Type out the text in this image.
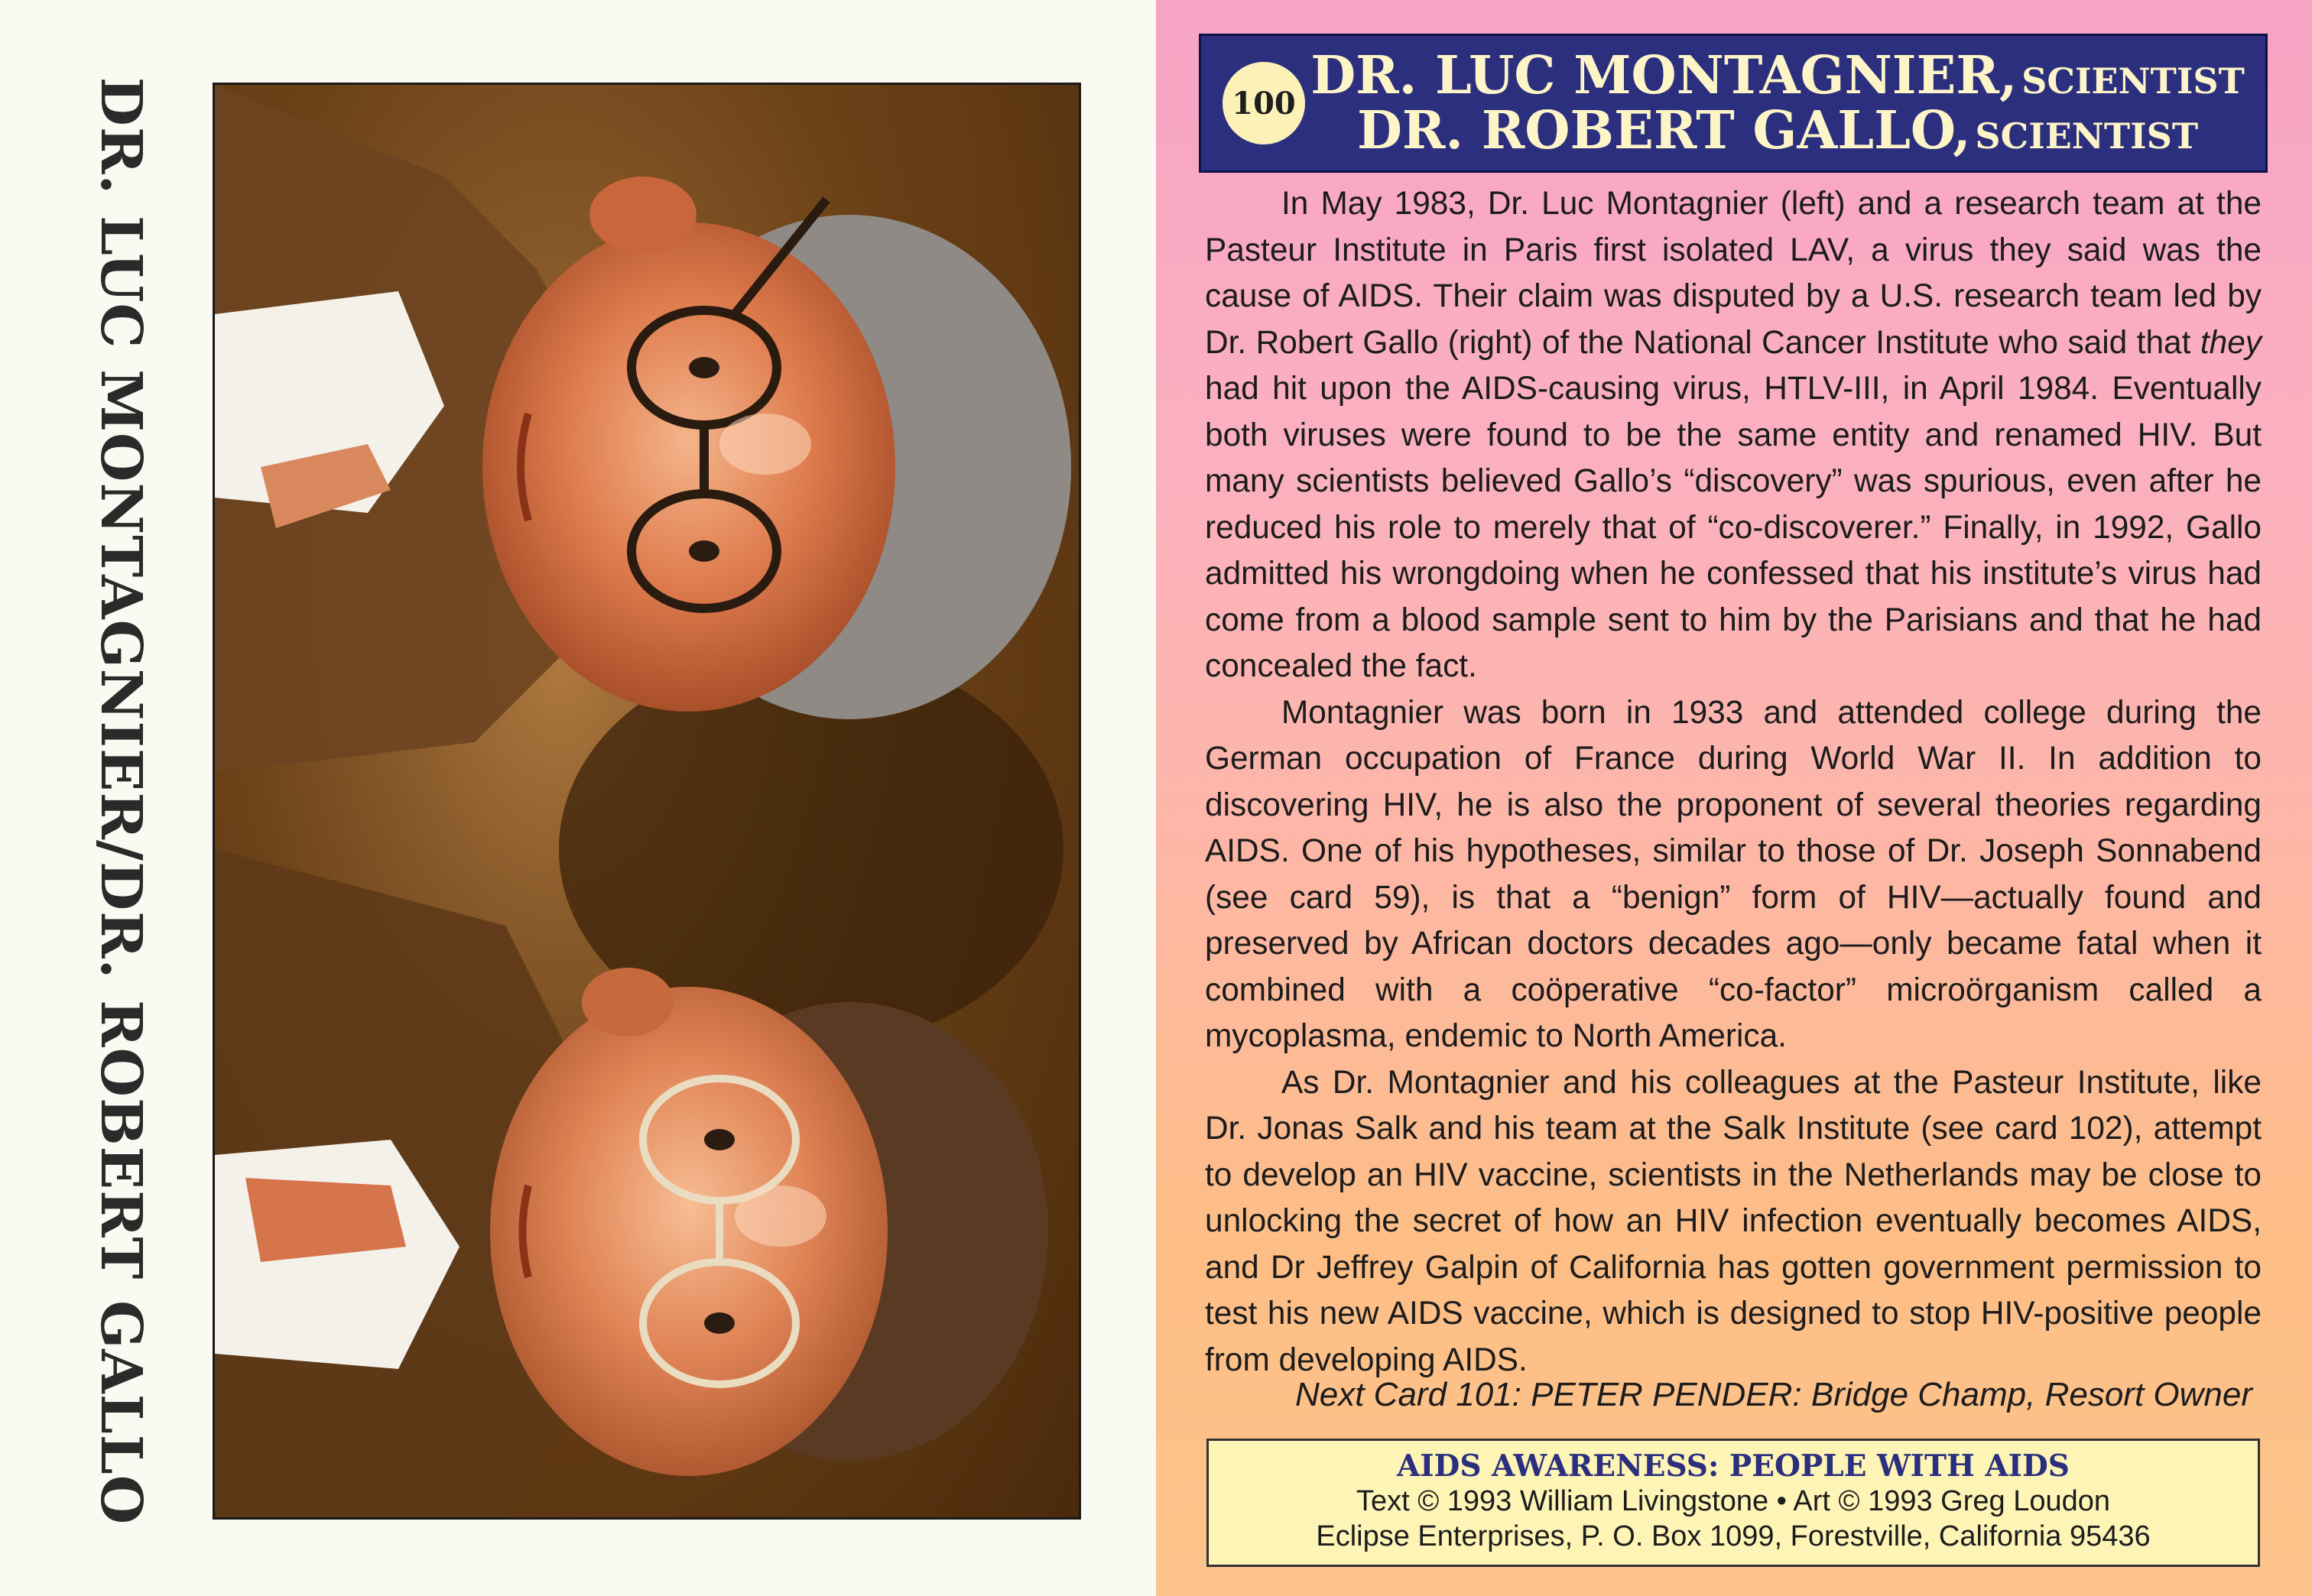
DR. LUC MONTAGNIER/DR. ROBERT GALLO	100 DR. LUC MONTAGNIER, SCIENTIST
DR. ROBERT GALLO, SCIENTIST

In May 1983, Dr. Luc Montagnier (left) and a research team at the Pasteur Institute in Paris first isolated LAV, a virus they said was the cause of AIDS. Their claim was disputed by a U.S. research team led by Dr. Robert Gallo (right) of the National Cancer Institute who said that they had hit upon the AIDS-causing virus, HTLV-III, in April 1984. Eventually both viruses were found to be the same entity and renamed HIV. But many scientists believed Gallo’s “discovery” was spurious, even after he reduced his role to merely that of “co-discoverer.” Finally, in 1992, Gallo admitted his wrongdoing when he confessed that his institute’s virus had come from a blood sample sent to him by the Parisians and that he had concealed the fact.

Montagnier was born in 1933 and attended college during the German occupation of France during World War II. In addition to discovering HIV, he is also the proponent of several theories regarding AIDS. One of his hypotheses, similar to those of Dr. Joseph Sonnabend (see card 59), is that a “benign” form of HIV—actually found and preserved by African doctors decades ago—only became fatal when it combined with a coöperative “co-factor” microörganism called a mycoplasma, endemic to North America.

As Dr. Montagnier and his colleagues at the Pasteur Institute, like Dr. Jonas Salk and his team at the Salk Institute (see card 102), attempt to develop an HIV vaccine, scientists in the Netherlands may be close to unlocking the secret of how an HIV infection eventually becomes AIDS, and Dr Jeffrey Galpin of California has gotten government permission to test his new AIDS vaccine, which is designed to stop HIV-positive people from developing AIDS.

Next Card 101: PETER PENDER: Bridge Champ, Resort Owner
AIDS AWARENESS: PEOPLE WITH AIDS
Text © 1993 William Livingstone • Art © 1993 Greg Loudon
Eclipse Enterprises, P. O. Box 1099, Forestville, California 95436
